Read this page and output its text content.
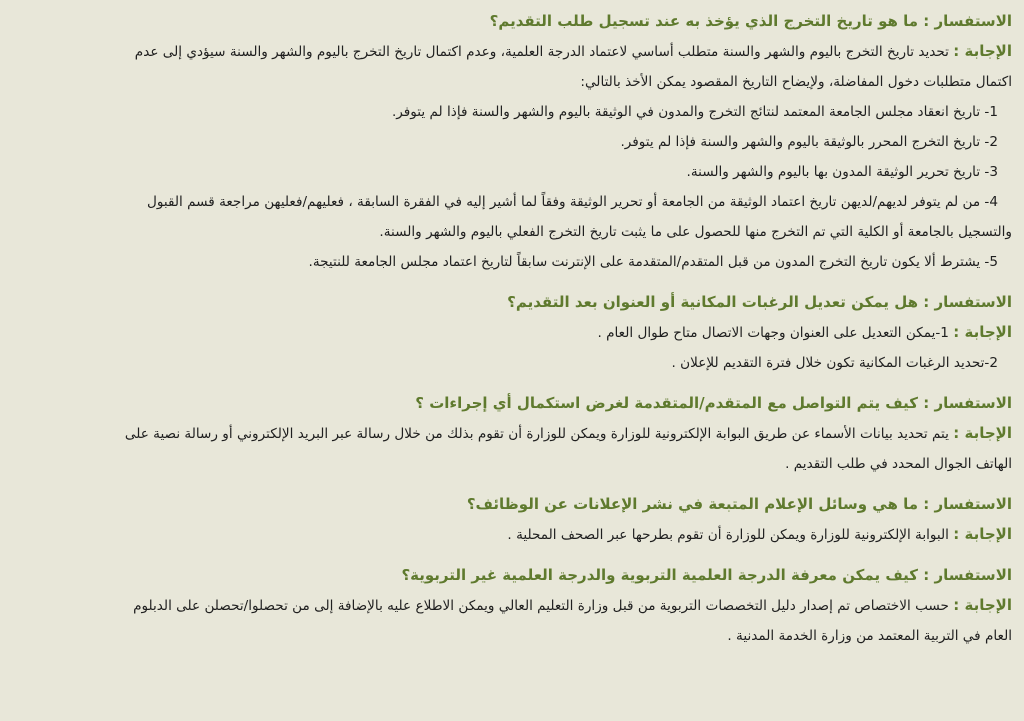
الاستفسار : ما هو تاريخ التخرج الذي يؤخذ به عند تسجيل طلب التقديم؟
الإجابة : تحديد تاريخ التخرج باليوم والشهر والسنة متطلب أساسي لاعتماد الدرجة العلمية، وعدم اكتمال تاريخ التخرج باليوم والشهر والسنة سيؤدي إلى عدم
اكتمال متطلبات دخول المفاضلة، ولإيضاح التاريخ المقصود يمكن الأخذ بالتالي:
1- تاريخ انعقاد مجلس الجامعة المعتمد لنتائج التخرج والمدون في الوثيقة باليوم والشهر والسنة فإذا لم يتوفر.
2- تاريخ التخرج المحرر بالوثيقة باليوم والشهر والسنة فإذا لم يتوفر.
3- تاريخ تحرير الوثيقة المدون بها باليوم والشهر والسنة.
4- من لم يتوفر لديهم/لديهن تاريخ اعتماد الوثيقة من الجامعة أو تحرير الوثيقة وفقاً لما أشير إليه في الفقرة السابقة ، فعليهم/فعليهن مراجعة قسم القبول
والتسجيل بالجامعة أو الكلية التي تم التخرج منها للحصول على ما يثبت تاريخ التخرج الفعلي باليوم والشهر والسنة.
5- يشترط ألا يكون تاريخ التخرج المدون من قبل المتقدم/المتقدمة على الإنترنت سابقاً لتاريخ اعتماد مجلس الجامعة للنتيجة.
الاستفسار : هل يمكن تعديل الرغبات المكانية أو العنوان بعد التقديم؟
الإجابة : 1-يمكن التعديل على العنوان وجهات الاتصال متاح طوال العام .
2-تحديد الرغبات المكانية تكون خلال فترة التقديم للإعلان .
الاستفسار : كيف يتم التواصل مع المتقدم/المتقدمة لغرض استكمال أي إجراءات ؟
الإجابة : يتم تحديد بيانات الأسماء عن طريق البوابة الإلكترونية للوزارة ويمكن للوزارة أن تقوم بذلك من خلال رسالة عبر البريد الإلكتروني أو رسالة نصية على
الهاتف الجوال المحدد في طلب التقديم .
الاستفسار : ما هي وسائل الإعلام المتبعة في نشر الإعلانات عن الوظائف؟
الإجابة : البوابة الإلكترونية للوزارة ويمكن للوزارة أن تقوم بطرحها عبر الصحف المحلية .
الاستفسار : كيف يمكن معرفة الدرجة العلمية التربوية والدرجة العلمية غير التربوية؟
الإجابة : حسب الاختصاص تم إصدار دليل التخصصات التربوية من قبل وزارة التعليم العالي ويمكن الاطلاع عليه بالإضافة إلى من تحصلوا/تحصلن على الدبلوم
العام في التربية المعتمد من وزارة الخدمة المدنية .
